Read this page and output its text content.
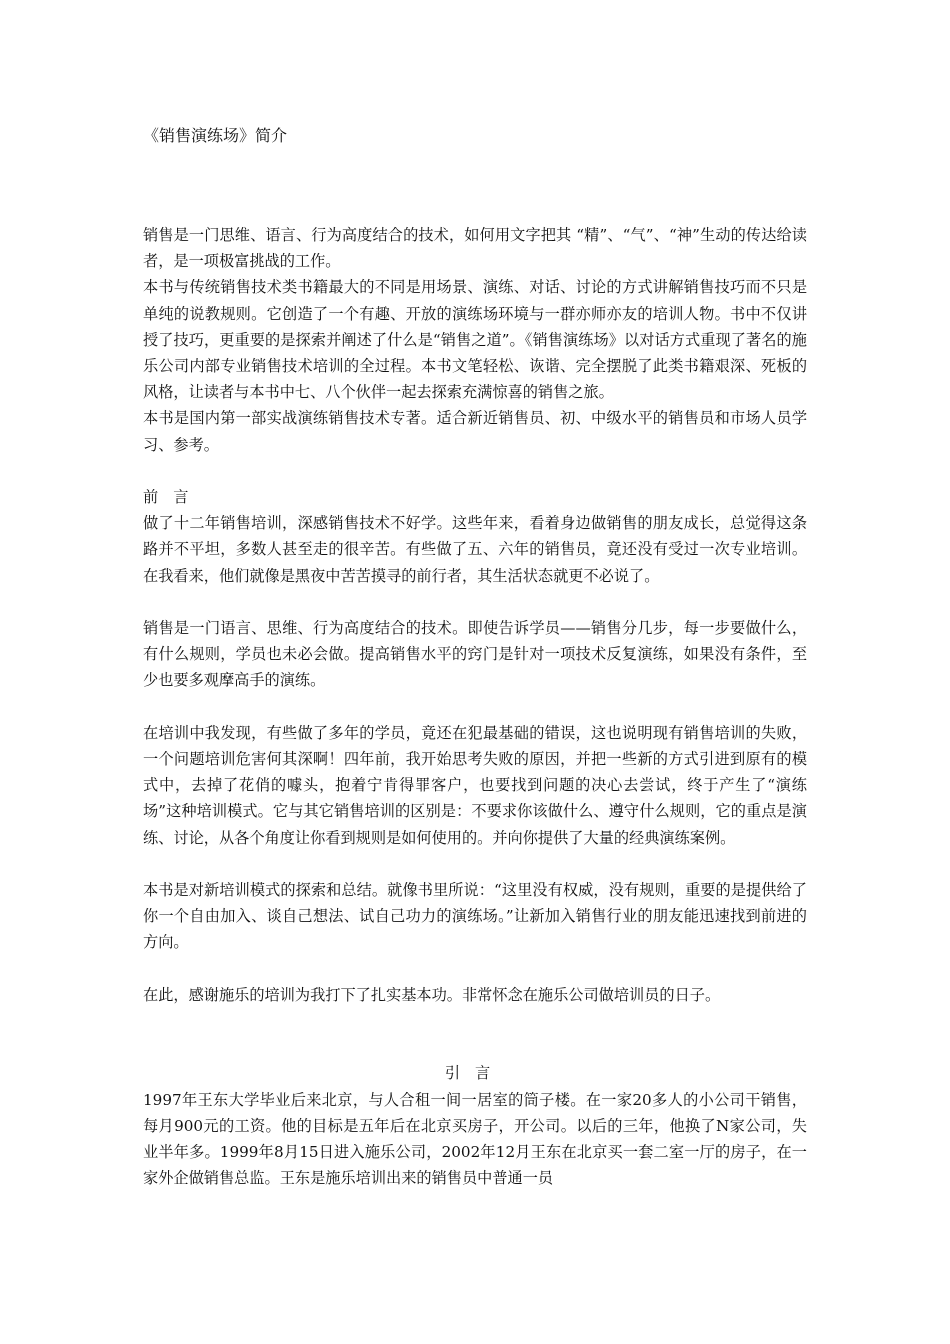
《销售演练场》简介

销售是一门思维、语言、行为高度结合的技术，如何用文字把其 “精”、“气”、“神”生动的传达给读者，是一项极富挑战的工作。

本书与传统销售技术类书籍最大的不同是用场景、演练、对话、讨论的方式讲解销售技巧而不只是单纯的说教规则。它创造了一个有趣、开放的演练场环境与一群亦师亦友的培训人物。书中不仅讲授了技巧，更重要的是探索并阐述了什么是“销售之道”。《销售演练场》以对话方式重现了著名的施乐公司内部专业销售技术培训的全过程。本书文笔轻松、诙谐、完全摆脱了此类书籍艰深、死板的风格，让读者与本书中七、八个伙伴一起去探索充满惊喜的销售之旅。

本书是国内第一部实战演练销售技术专著。适合新近销售员、初、中级水平的销售员和市场人员学习、参考。

前言

做了十二年销售培训，深感销售技术不好学。这些年来，看着身边做销售的朋友成长，总觉得这条路并不平坦，多数人甚至走的很辛苦。有些做了五、六年的销售员，竟还没有受过一次专业培训。在我看来，他们就像是黑夜中苦苦摸寻的前行者，其生活状态就更不必说了。

销售是一门语言、思维、行为高度结合的技术。即使告诉学员——销售分几步，每一步要做什么，有什么规则，学员也未必会做。提高销售水平的窍门是针对一项技术反复演练，如果没有条件，至少也要多观摩高手的演练。

在培训中我发现，有些做了多年的学员，竟还在犯最基础的错误，这也说明现有销售培训的失败，一个问题培训危害何其深啊！四年前，我开始思考失败的原因，并把一些新的方式引进到原有的模式中，去掉了花俏的噱头，抱着宁肯得罪客户，也要找到问题的决心去尝试，终于产生了“演练场”这种培训模式。它与其它销售培训的区别是：不要求你该做什么、遵守什么规则，它的重点是演练、讨论，从各个角度让你看到规则是如何使用的。并向你提供了大量的经典演练案例。

本书是对新培训模式的探索和总结。就像书里所说：“这里没有权威，没有规则，重要的是提供给了你一个自由加入、谈自己想法、试自己功力的演练场。”让新加入销售行业的朋友能迅速找到前进的方向。

在此，感谢施乐的培训为我打下了扎实基本功。非常怀念在施乐公司做培训员的日子。

引言

1997年王东大学毕业后来北京，与人合租一间一居室的筒子楼。在一家20多人的小公司干销售，每月900元的工资。他的目标是五年后在北京买房子，开公司。以后的三年，他换了N家公司，失业半年多。1999年8月15日进入施乐公司，2002年12月王东在北京买一套二室一厅的房子，在一家外企做销售总监。王东是施乐培训出来的销售员中普通一员
